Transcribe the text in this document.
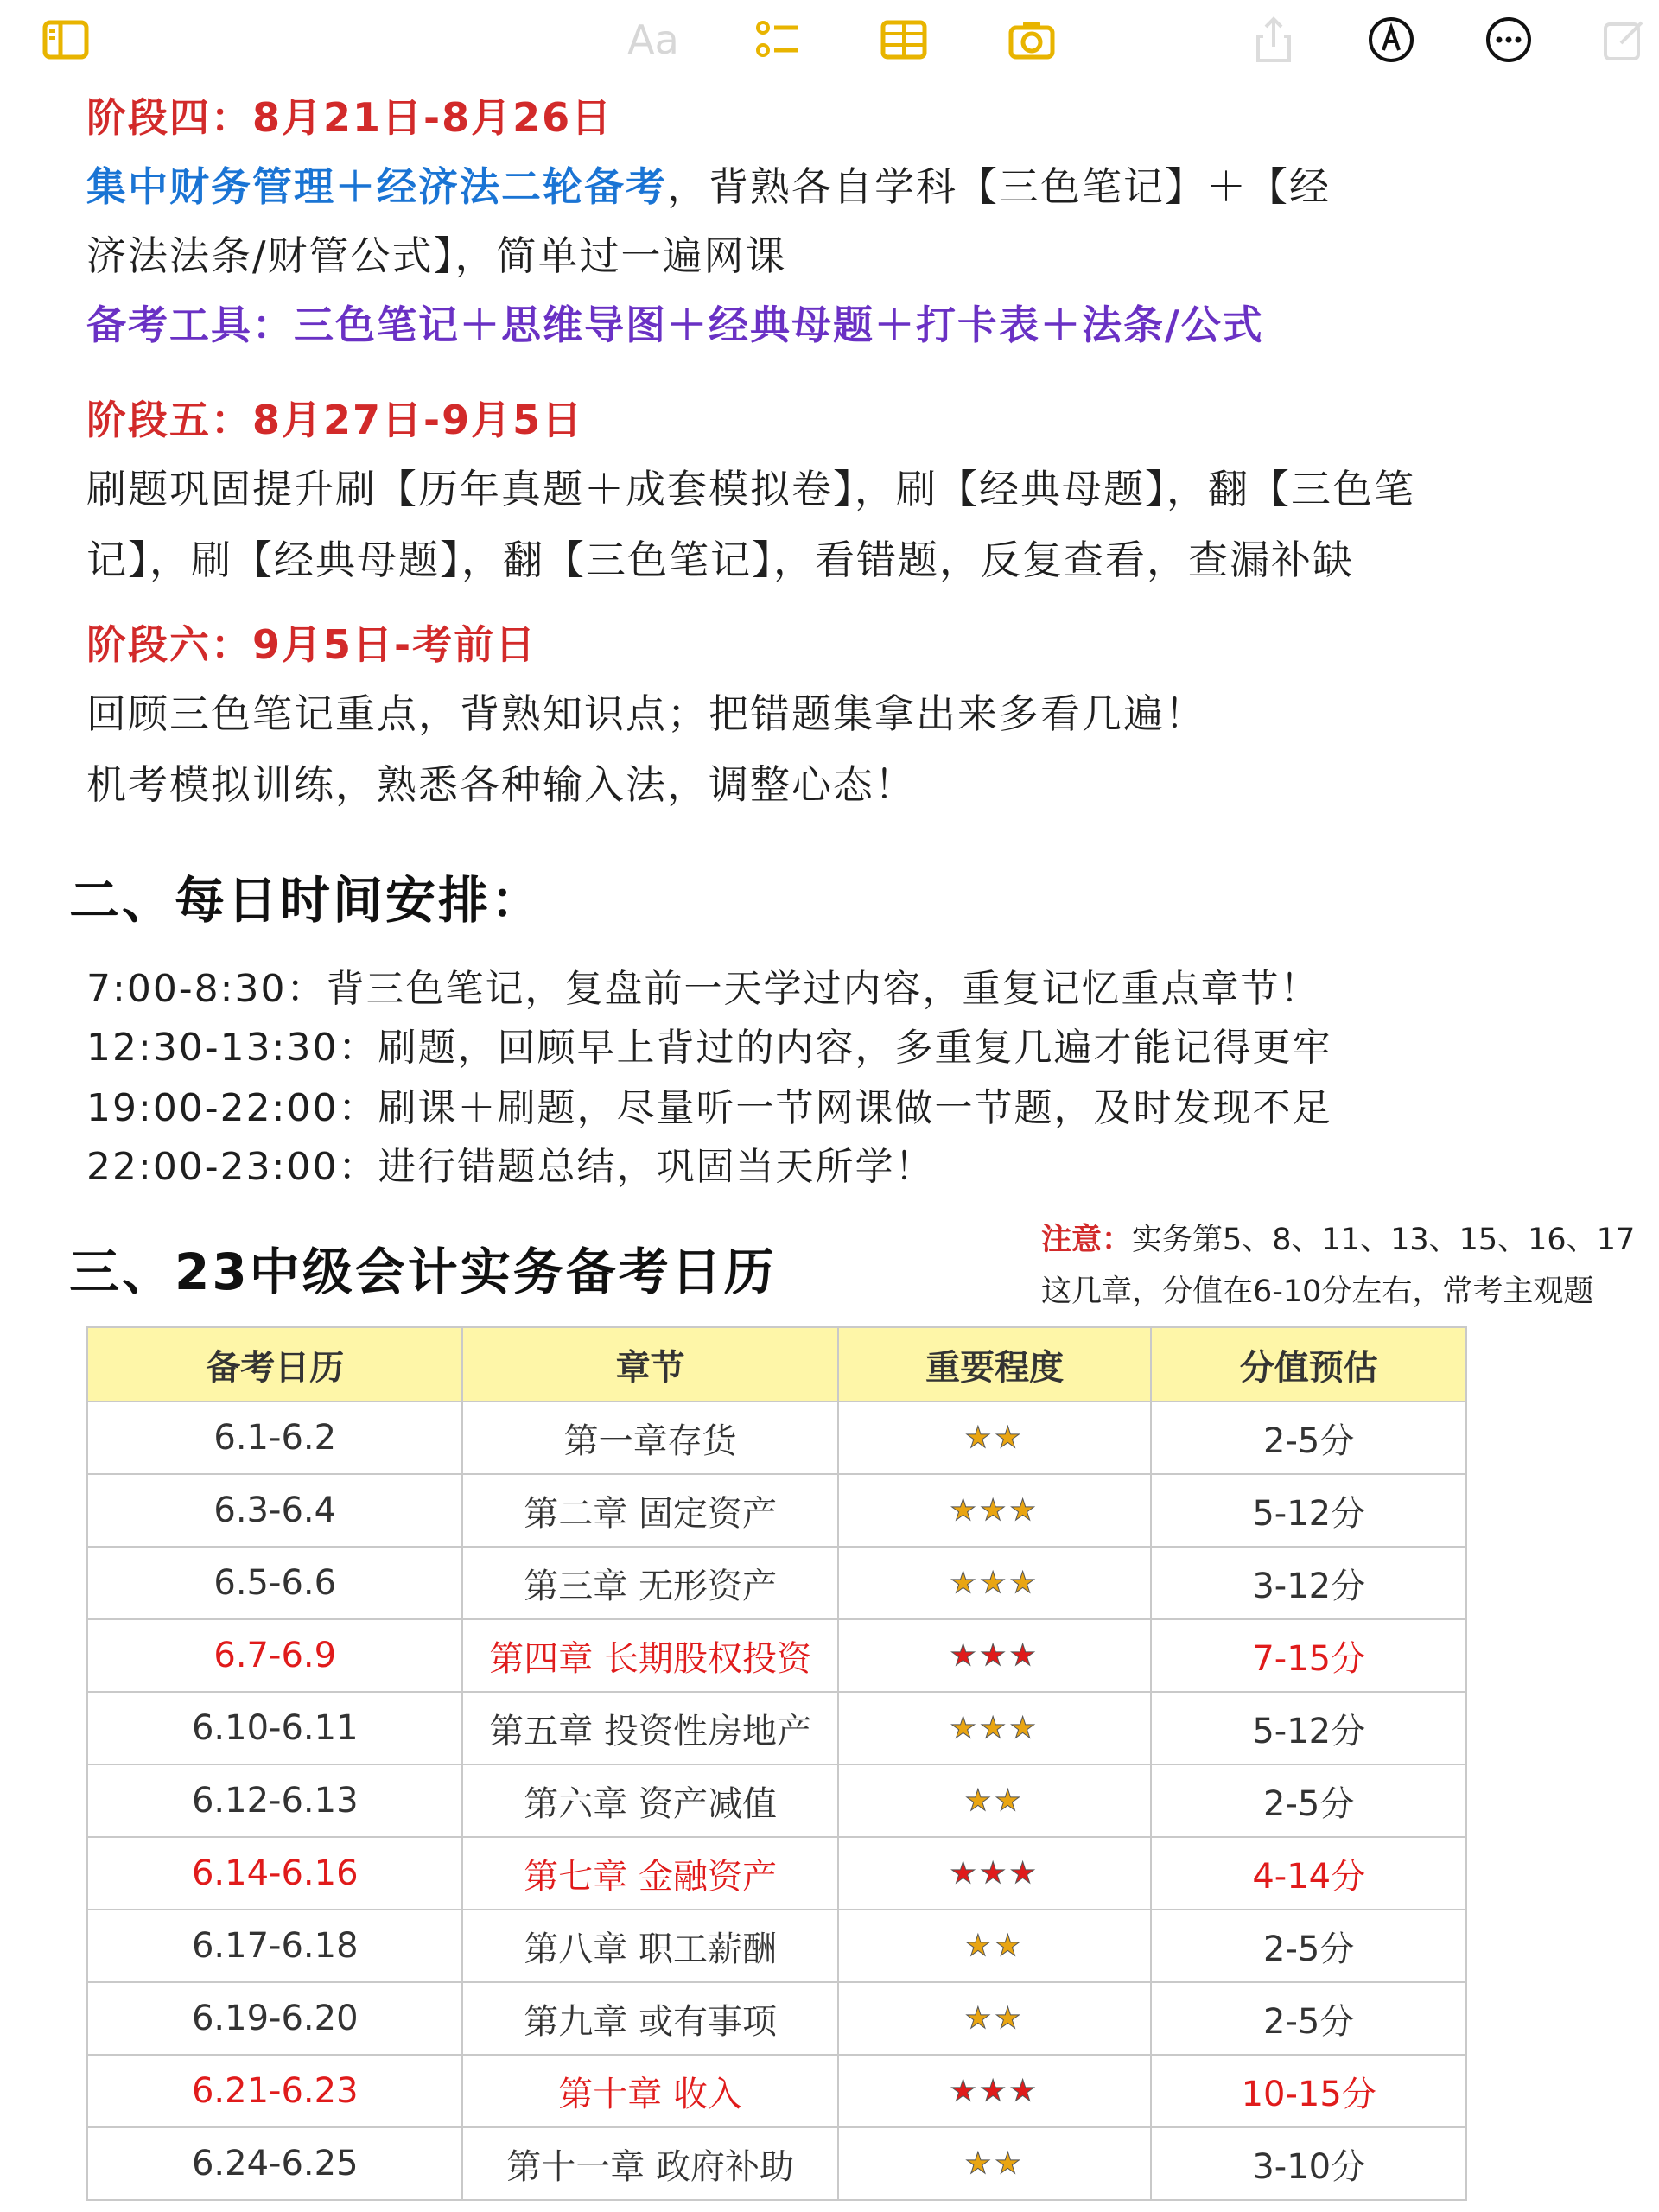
Aa
阶段四：8月21日-8月26日
集中财务管理＋经济法二轮备考，背熟各自学科【三色笔记】＋【经
济法法条/财管公式】，简单过一遍网课
备考工具：三色笔记＋思维导图＋经典母题＋打卡表＋法条/公式
阶段五：8月27日-9月5日
刷题巩固提升刷【历年真题＋成套模拟卷】，刷【经典母题】，翻【三色笔
记】，刷【经典母题】，翻【三色笔记】，看错题，反复查看，查漏补缺
阶段六：9月5日-考前日
回顾三色笔记重点，背熟知识点；把错题集拿出来多看几遍！
机考模拟训练，熟悉各种输入法，调整心态！
二、每日时间安排：
7:00-8:30：背三色笔记，复盘前一天学过内容，重复记忆重点章节！
12:30-13:30：刷题，回顾早上背过的内容，多重复几遍才能记得更牢
19:00-22:00：刷课＋刷题，尽量听一节网课做一节题，及时发现不足
22:00-23:00：进行错题总结，巩固当天所学！
三、23中级会计实务备考日历
注意：实务第5、8、11、13、15、16、17
这几章，分值在6-10分左右，常考主观题
备考日历	章节	重要程度	分值预估
6.1-6.2	第一章存货	★★	2-5分
6.3-6.4	第二章 固定资产	★★★	5-12分
6.5-6.6	第三章 无形资产	★★★	3-12分
6.7-6.9	第四章 长期股权投资	★★★	7-15分
6.10-6.11	第五章 投资性房地产	★★★	5-12分
6.12-6.13	第六章 资产减值	★★	2-5分
6.14-6.16	第七章 金融资产	★★★	4-14分
6.17-6.18	第八章 职工薪酬	★★	2-5分
6.19-6.20	第九章 或有事项	★★	2-5分
6.21-6.23	第十章 收入	★★★	10-15分
6.24-6.25	第十一章 政府补助	★★	3-10分
